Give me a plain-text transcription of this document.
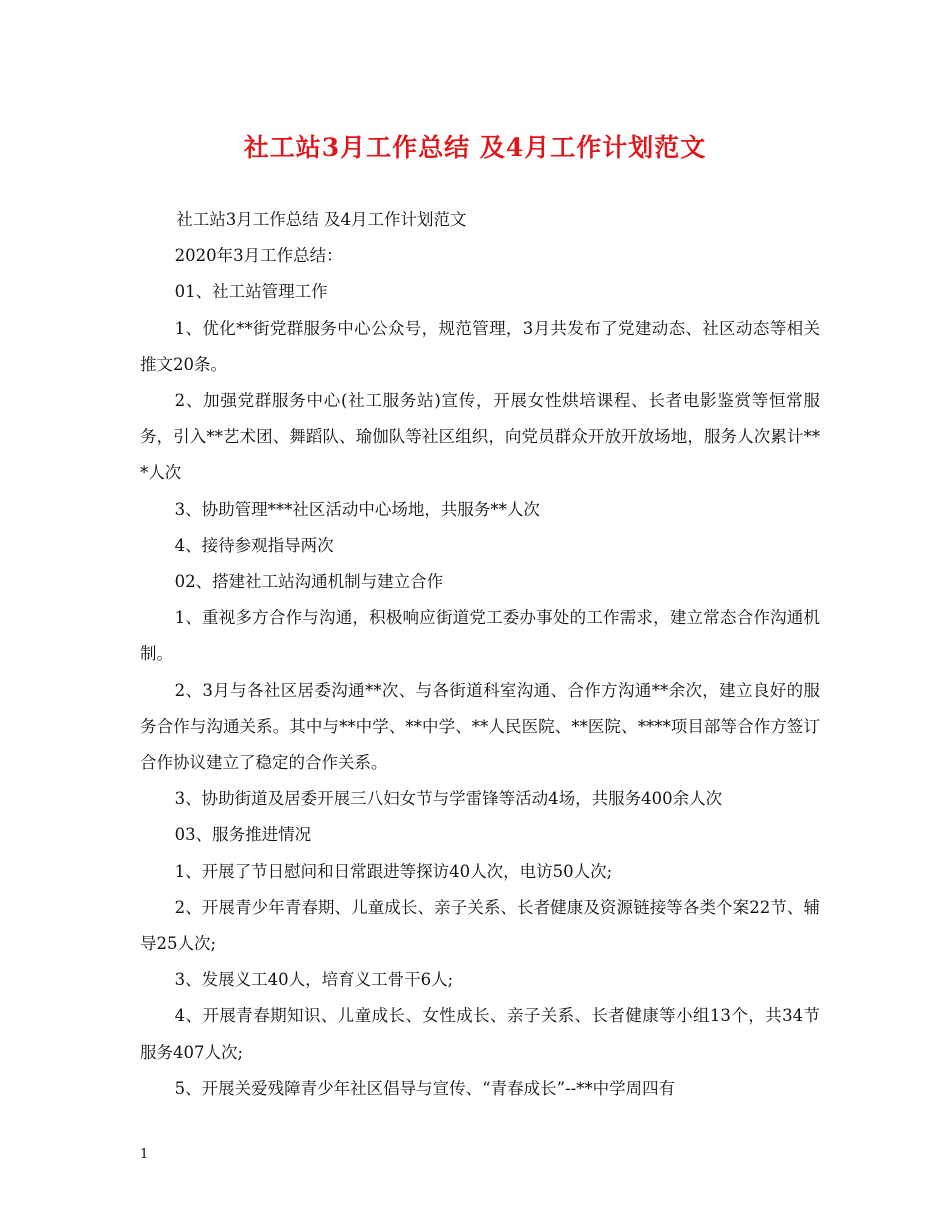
社工站3月工作总结 及4月工作计划范文

社工站3月工作总结 及4月工作计划范文

2020年3月工作总结：

01、社工站管理工作

1、优化**街党群服务中心公众号，规范管理，3月共发布了党建动态、社区动态等相关推文20条。

2、加强党群服务中心(社工服务站)宣传，开展女性烘培课程、长者电影鉴赏等恒常服务，引入**艺术团、舞蹈队、瑜伽队等社区组织，向党员群众开放开放场地，服务人次累计***人次

3、协助管理***社区活动中心场地，共服务**人次

4、接待参观指导两次

02、搭建社工站沟通机制与建立合作

1、重视多方合作与沟通，积极响应街道党工委办事处的工作需求，建立常态合作沟通机制。

2、3月与各社区居委沟通**次、与各街道科室沟通、合作方沟通**余次，建立良好的服务合作与沟通关系。其中与**中学、**中学、**人民医院、**医院、****项目部等合作方签订合作协议建立了稳定的合作关系。

3、协助街道及居委开展三八妇女节与学雷锋等活动4场，共服务400余人次

03、服务推进情况

1、开展了节日慰问和日常跟进等探访40人次，电访50人次;

2、开展青少年青春期、儿童成长、亲子关系、长者健康及资源链接等各类个案22节、辅导25人次;

3、发展义工40人，培育义工骨干6人;

4、开展青春期知识、儿童成长、女性成长、亲子关系、长者健康等小组13个，共34节服务407人次;

5、开展关爱残障青少年社区倡导与宣传、“青春成长”--**中学周四有

1
